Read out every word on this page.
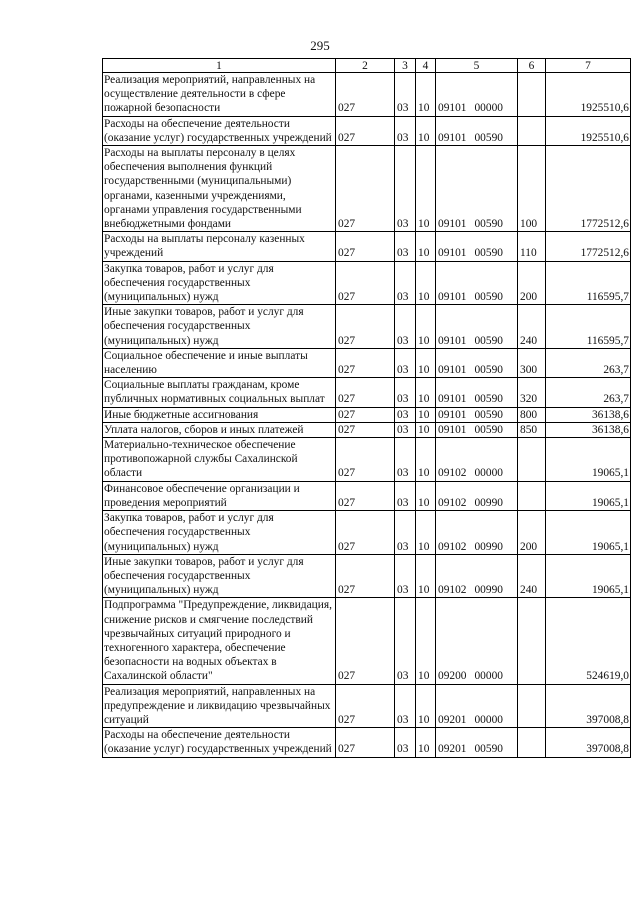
295
1	2	3	4	5	6	7
Реализация мероприятий, направленных на осуществление деятельности в сфере пожарной безопасности	027	03	10	09101 00000		1925510,6
Расходы на обеспечение деятельности (оказание услуг) государственных учреждений	027	03	10	09101 00590		1925510,6
Расходы на выплаты персоналу в целях обеспечения выполнения функций государственными (муниципальными) органами, казенными учреждениями, органами управления государственными внебюджетными фондами	027	03	10	09101 00590	100	1772512,6
Расходы на выплаты персоналу казенных учреждений	027	03	10	09101 00590	110	1772512,6
Закупка товаров, работ и услуг для обеспечения государственных (муниципальных) нужд	027	03	10	09101 00590	200	116595,7
Иные закупки товаров, работ и услуг для обеспечения государственных (муниципальных) нужд	027	03	10	09101 00590	240	116595,7
Социальное обеспечение и иные выплаты населению	027	03	10	09101 00590	300	263,7
Социальные выплаты гражданам, кроме публичных нормативных социальных выплат	027	03	10	09101 00590	320	263,7
Иные бюджетные ассигнования	027	03	10	09101 00590	800	36138,6
Уплата налогов, сборов и иных платежей	027	03	10	09101 00590	850	36138,6
Материально-техническое обеспечение противопожарной службы Сахалинской области	027	03	10	09102 00000		19065,1
Финансовое обеспечение организации и проведения мероприятий	027	03	10	09102 00990		19065,1
Закупка товаров, работ и услуг для обеспечения государственных (муниципальных) нужд	027	03	10	09102 00990	200	19065,1
Иные закупки товаров, работ и услуг для обеспечения государственных (муниципальных) нужд	027	03	10	09102 00990	240	19065,1
Подпрограмма "Предупреждение, ликвидация, снижение рисков и смягчение последствий чрезвычайных ситуаций природного и техногенного характера, обеспечение безопасности на водных объектах в Сахалинской области"	027	03	10	09200 00000		524619,0
Реализация мероприятий, направленных на предупреждение и ликвидацию чрезвычайных ситуаций	027	03	10	09201 00000		397008,8
Расходы на обеспечение деятельности (оказание услуг) государственных учреждений	027	03	10	09201 00590		397008,8
